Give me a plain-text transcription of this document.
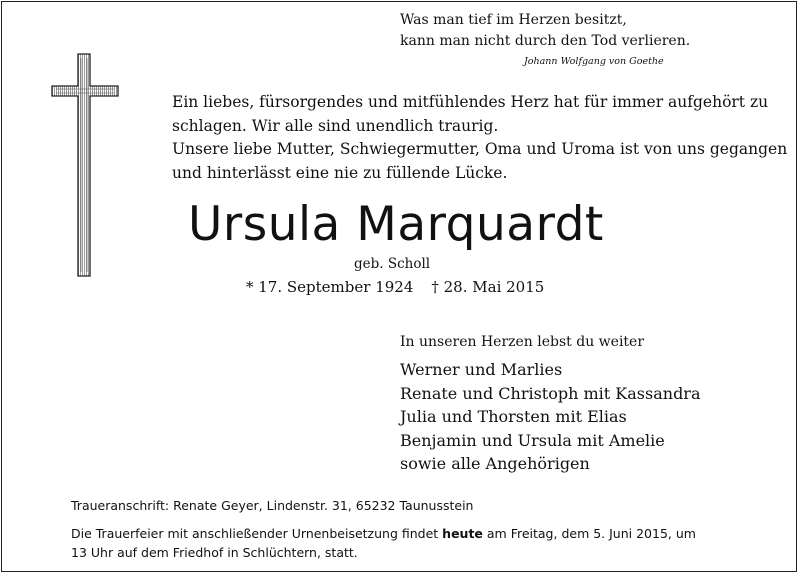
Was man tief im Herzen besitzt,
kann man nicht durch den Tod verlieren.
Johann Wolfgang von Goethe
Ein liebes, fürsorgendes und mitfühlendes Herz hat für immer aufgehört zu
schlagen. Wir alle sind unendlich traurig.
Unsere liebe Mutter, Schwiegermutter, Oma und Uroma ist von uns gegangen
und hinterlässt eine nie zu füllende Lücke.
Ursula Marquardt
geb. Scholl
* 17. September 1924 † 28. Mai 2015
In unseren Herzen lebst du weiter
Werner und Marlies
Renate und Christoph mit Kassandra
Julia und Thorsten mit Elias
Benjamin und Ursula mit Amelie
sowie alle Angehörigen
Traueranschrift: Renate Geyer, Lindenstr. 31, 65232 Taunusstein
Die Trauerfeier mit anschließender Urnenbeisetzung findet heute am Freitag, dem 5. Juni 2015, um
13 Uhr auf dem Friedhof in Schlüchtern, statt.
